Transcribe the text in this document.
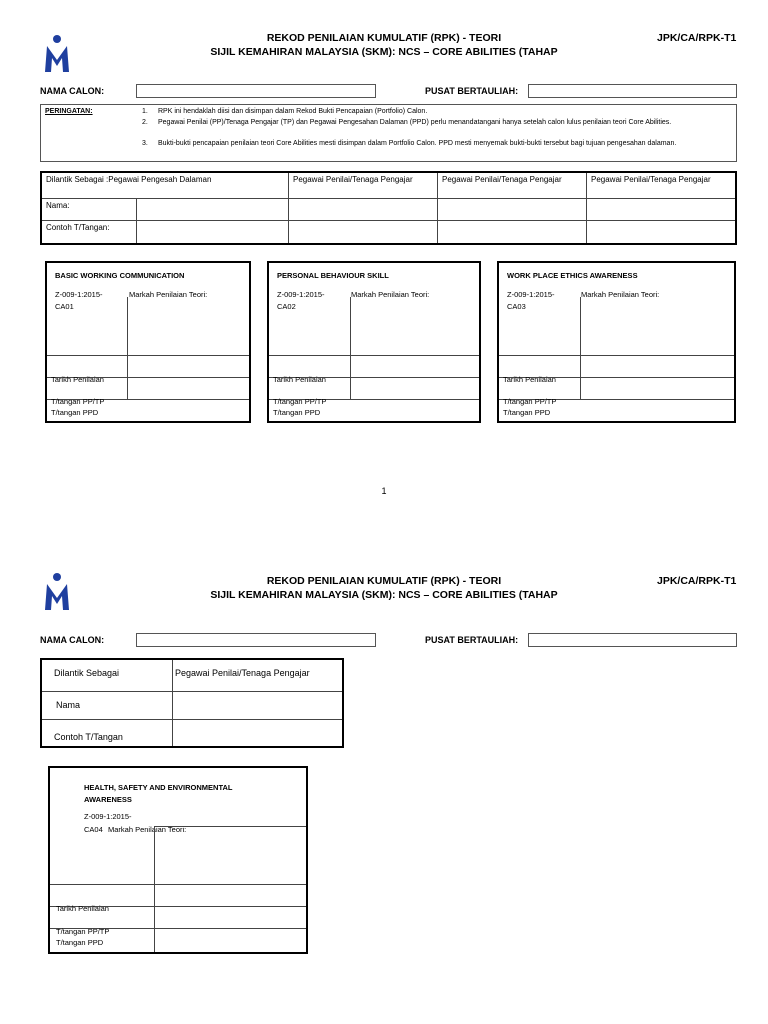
REKOD PENILAIAN KUMULATIF (RPK) - TEORI
SIJIL KEMAHIRAN MALAYSIA (SKM): NCS – CORE ABILITIES (TAHAP
JPK/CA/RPK-T1
NAMA CALON:	PUSAT BERTAULIAH:
PERINGATAN:	1. RPK ini hendaklah diisi dan disimpan dalam Rekod Bukti Pencapaian (Portfolio) Calon.
2. Pegawai Penilai (PP)/Tenaga Pengajar (TP) dan Pegawai Pengesahan Dalaman (PPD) perlu menandatangani hanya setelah calon lulus penilaian teori Core Abilities.
3. Bukti-bukti pencapaian penilaian teori Core Abilities mesti disimpan dalam Portfolio Calon. PPD mesti menyemak bukti-bukti tersebut bagi tujuan pengesahan dalaman.
Dilantik Sebagai :Pegawai Pengesah Dalaman		Pegawai Penilai/Tenaga Pengajar	Pegawai Penilai/Tenaga Pengajar	Pegawai Penilai/Tenaga Pengajar
Nama:				
Contoh T/Tangan:				
BASIC WORKING COMMUNICATION
Z-009-1:2015-	Markah Penilaian Teori:
CA01
Tarikh Penilaian
T/tangan PP/TP
T/tangan PPD
PERSONAL BEHAVIOUR SKILL
Z-009-1:2015-	Markah Penilaian Teori:
CA02
Tarikh Penilaian
T/tangan PP/TP
T/tangan PPD
WORK PLACE ETHICS AWARENESS
Z-009-1:2015-	Markah Penilaian Teori:
CA03
Tarikh Penilaian
T/tangan PP/TP
T/tangan PPD
1
REKOD PENILAIAN KUMULATIF (RPK) - TEORI
SIJIL KEMAHIRAN MALAYSIA (SKM): NCS – CORE ABILITIES (TAHAP
JPK/CA/RPK-T1
NAMA CALON:	PUSAT BERTAULIAH:
Dilantik Sebagai	Pegawai Penilai/Tenaga Pengajar
Nama	
Contoh T/Tangan	
HEALTH, SAFETY AND ENVIRONMENTAL AWARENESS
Z-009-1:2015-
CA04 Markah Penilaian Teori:
Tarikh Penilaian
T/tangan PP/TP
T/tangan PPD
